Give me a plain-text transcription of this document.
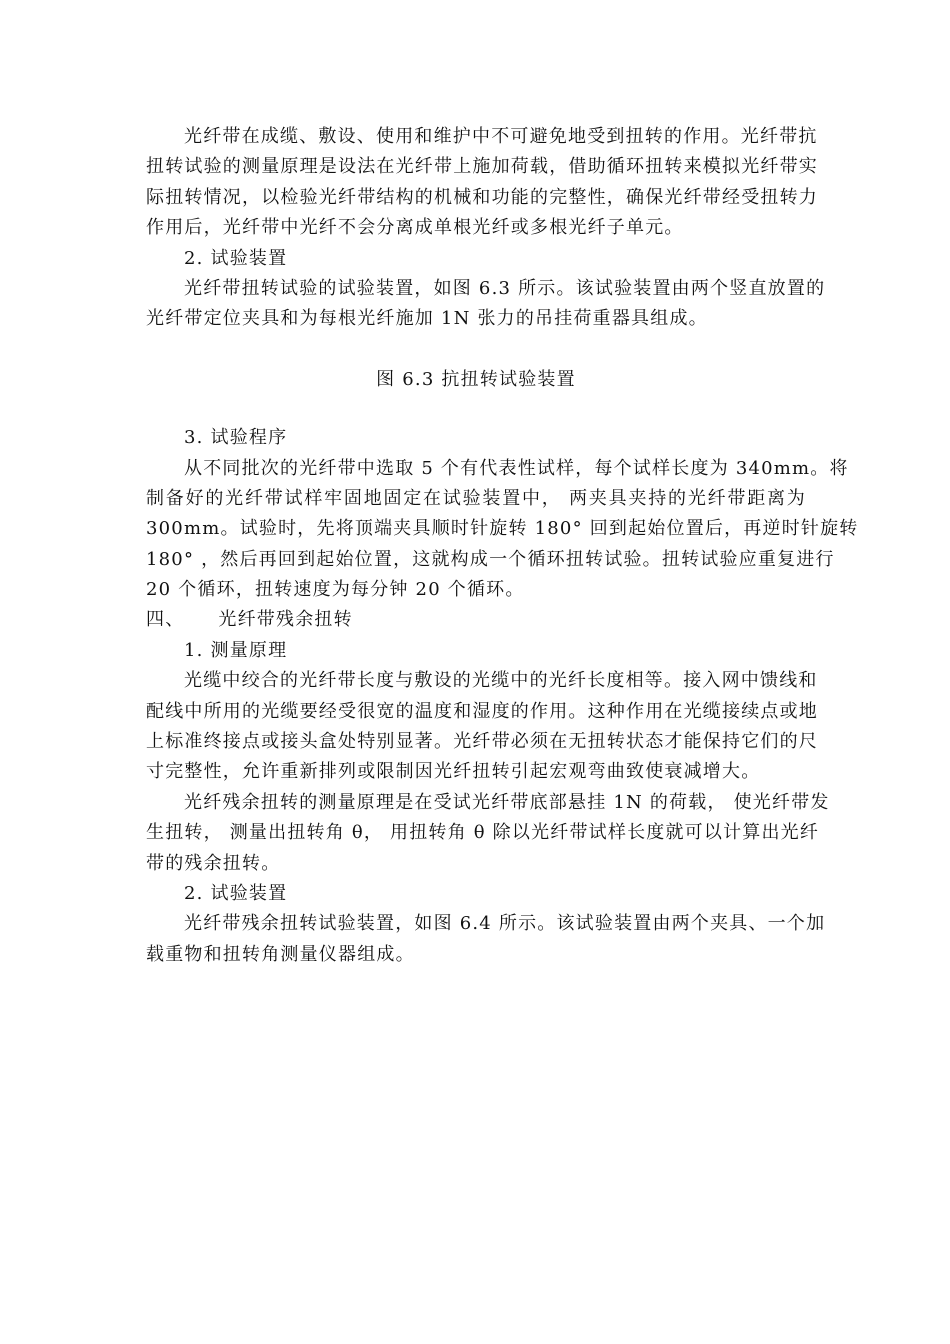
光纤带在成缆、敷设、使用和维护中不可避免地受到扭转的作用。光纤带抗
扭转试验的测量原理是设法在光纤带上施加荷载，借助循环扭转来模拟光纤带实
际扭转情况，以检验光纤带结构的机械和功能的完整性，确保光纤带经受扭转力
作用后，光纤带中光纤不会分离成单根光纤或多根光纤子单元。
2. 试验装置
光纤带扭转试验的试验装置，如图 6.3 所示。该试验装置由两个竖直放置的
光纤带定位夹具和为每根光纤施加 1N 张力的吊挂荷重器具组成。
图 6.3 抗扭转试验装置
3. 试验程序
从不同批次的光纤带中选取 5 个有代表性试样，每个试样长度为 340mm。将
制备好的光纤带试样牢固地固定在试验装置中， 两夹具夹持的光纤带距离为
300mm。试验时，先将顶端夹具顺时针旋转 180° 回到起始位置后，再逆时针旋转
180° ，然后再回到起始位置，这就构成一个循环扭转试验。扭转试验应重复进行
20 个循环，扭转速度为每分钟 20 个循环。
四、 光纤带残余扭转
1. 测量原理
光缆中绞合的光纤带长度与敷设的光缆中的光纤长度相等。接入网中馈线和
配线中所用的光缆要经受很宽的温度和湿度的作用。这种作用在光缆接续点或地
上标准终接点或接头盒处特别显著。光纤带必须在无扭转状态才能保持它们的尺
寸完整性，允许重新排列或限制因光纤扭转引起宏观弯曲致使衰减增大。
光纤残余扭转的测量原理是在受试光纤带底部悬挂 1N 的荷载， 使光纤带发
生扭转， 测量出扭转角 θ， 用扭转角 θ 除以光纤带试样长度就可以计算出光纤
带的残余扭转。
2. 试验装置
光纤带残余扭转试验装置，如图 6.4 所示。该试验装置由两个夹具、一个加
载重物和扭转角测量仪器组成。
